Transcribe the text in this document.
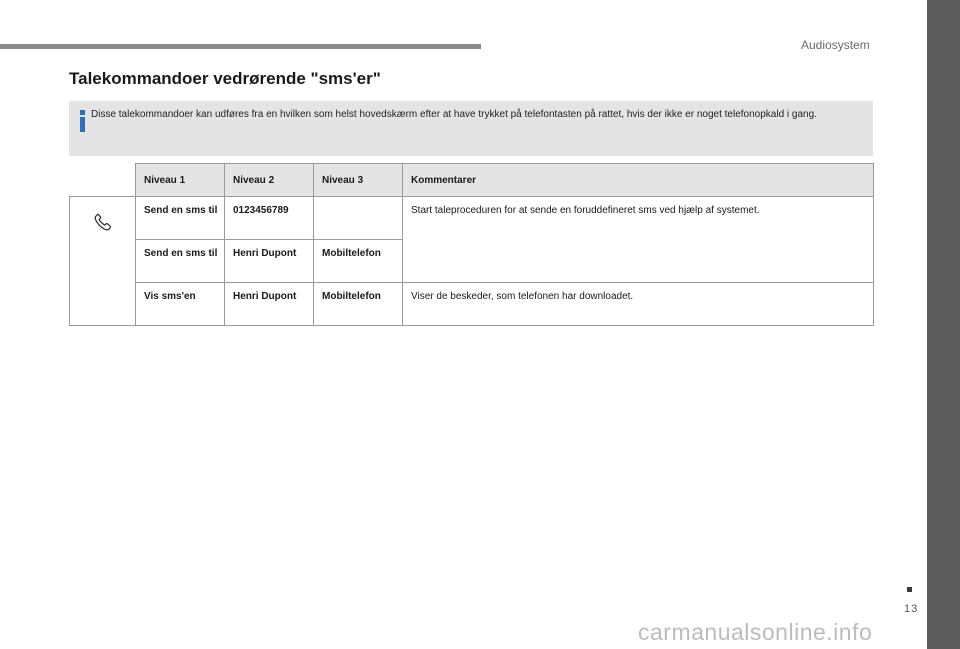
Audiosystem
Talekommandoer vedrørende "sms'er"
Disse talekommandoer kan udføres fra en hvilken som helst hovedskærm efter at have trykket på telefontasten på rattet, hvis der ikke er noget telefonopkald i gang.
	Niveau 1	Niveau 2	Niveau 3	Kommentarer
	Send en sms til	0123456789		Start taleproceduren for at sende en foruddefineret sms ved hjælp af systemet.
	Send en sms til	Henri Dupont	Mobiltelefon	
	Vis sms'en	Henri Dupont	Mobiltelefon	Viser de beskeder, som telefonen har downloadet.
13
carmanualsonline.info
